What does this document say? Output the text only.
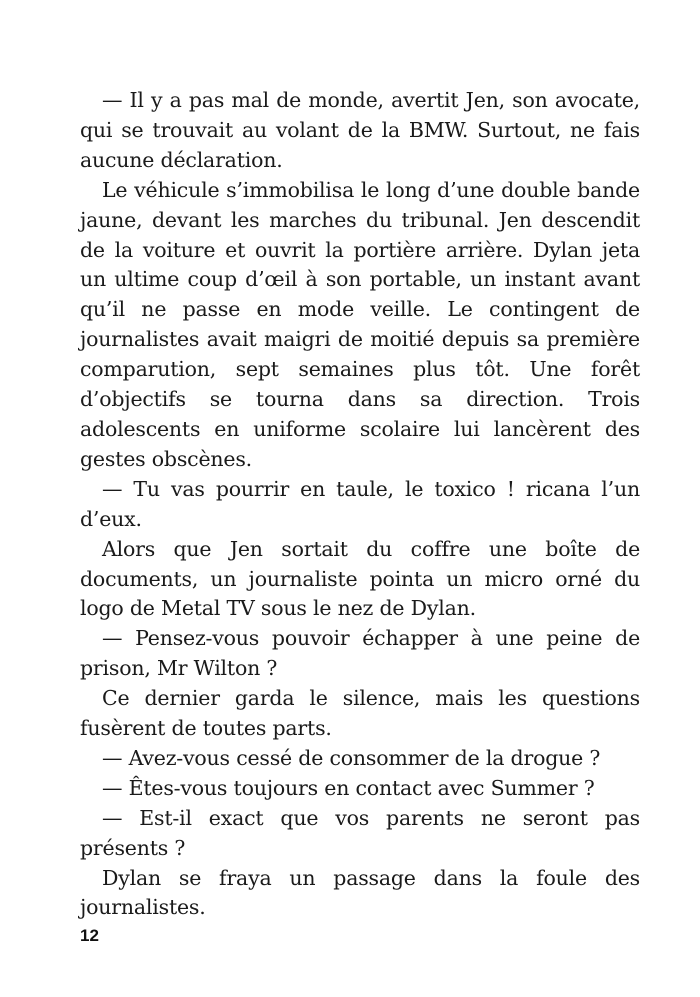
— Il y a pas mal de monde, avertit Jen, son avocate, qui se trouvait au volant de la BMW. Surtout, ne fais aucune déclaration.

Le véhicule s’immobilisa le long d’une double bande jaune, devant les marches du tribunal. Jen descendit de la voiture et ouvrit la portière arrière. Dylan jeta un ultime coup d’œil à son portable, un instant avant qu’il ne passe en mode veille. Le contingent de journalistes avait maigri de moitié depuis sa première comparution, sept semaines plus tôt. Une forêt d’objectifs se tourna dans sa direction. Trois adolescents en uniforme scolaire lui lancèrent des gestes obscènes.

— Tu vas pourrir en taule, le toxico ! ricana l’un d’eux.

Alors que Jen sortait du coffre une boîte de documents, un journaliste pointa un micro orné du logo de Metal TV sous le nez de Dylan.

— Pensez-vous pouvoir échapper à une peine de prison, Mr Wilton ?

Ce dernier garda le silence, mais les questions fusèrent de toutes parts.

— Avez-vous cessé de consommer de la drogue ?

— Êtes-vous toujours en contact avec Summer ?

— Est-il exact que vos parents ne seront pas présents ?

Dylan se fraya un passage dans la foule des journalistes.

12
